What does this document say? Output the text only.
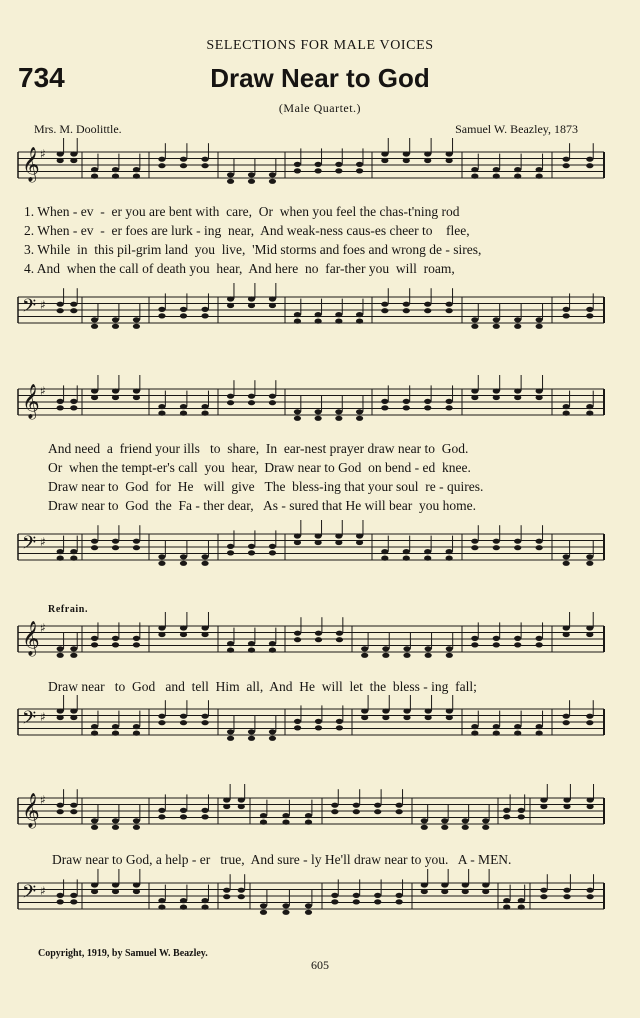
SELECTIONS FOR MALE VOICES
734	Draw Near to God
(Male Quartet.)
Mrs. M. Doolittle.	Samuel W. Beazley, 1873
𝄞 ♯
𝄢 ♯
𝄞 ♯
𝄢 ♯
𝄞 ♯
𝄢 ♯
𝄞 ♯
𝄢 ♯
1. When - ev  -  er you are bent with  care,  Or  when you feel the chas-t'ning rod
2. When - ev  -  er foes are lurk - ing  near,  And weak-ness caus-es cheer to    flee,
3. While  in  this pil-grim land  you  live,  'Mid storms and foes and wrong de - sires,
4. And  when the call of death you  hear,  And here  no  far-ther you  will  roam,
And need  a  friend your ills   to  share,  In  ear-nest prayer draw near to  God.
Or  when the tempt-er's call  you  hear,  Draw near to God  on bend - ed  knee.
Draw near to  God  for  He   will  give   The  bless-ing that your soul  re - quires.
Draw near to  God  the  Fa - ther dear,   As - sured that He will bear  you home.
Refrain.
Draw near   to  God   and  tell  Him  all,  And  He  will  let  the  bless - ing  fall;
Draw near to God, a help - er   true,  And sure - ly He'll draw near to you.   A - MEN.
Copyright, 1919, by Samuel W. Beazley.
605
